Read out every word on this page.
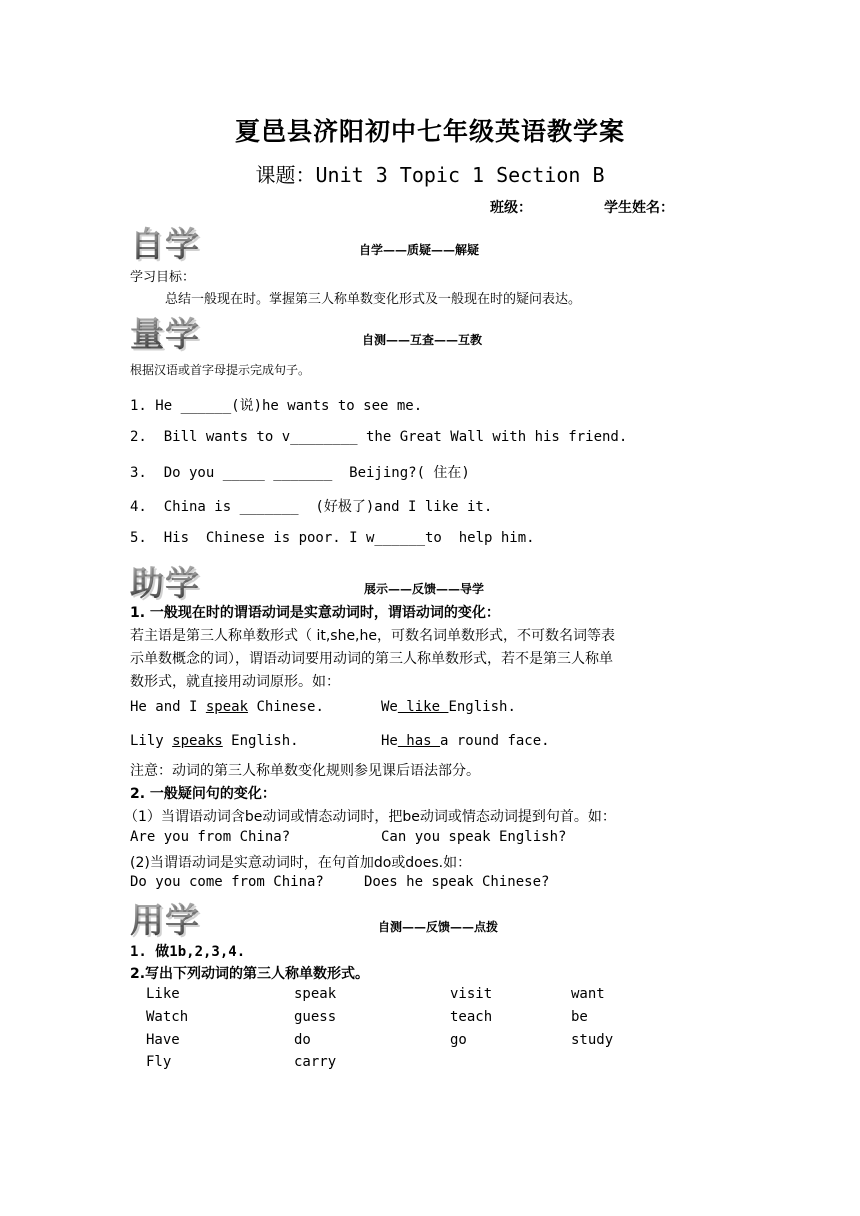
夏邑县济阳初中七年级英语教学案
课题：Unit 3 Topic 1 Section B
班级：	学生姓名：
自学	自学——质疑——解疑
学习目标：
总结一般现在时。掌握第三人称单数变化形式及一般现在时的疑问表达。
量学	自测——互查——互教
根据汉语或首字母提示完成句子。
1. He ______(说)he wants to see me.
2.  Bill wants to v________ the Great Wall with his friend.
3.  Do you _____ _______  Beijing?( 住在)
4.  China is _______  (好极了)and I like it.
5.  His  Chinese is poor. I w______to  help him.
助学	展示——反馈——导学
1. 一般现在时的谓语动词是实意动词时，谓语动词的变化：
若主语是第三人称单数形式（ it,she,he，可数名词单数形式，不可数名词等表
示单数概念的词），谓语动词要用动词的第三人称单数形式，若不是第三人称单
数形式，就直接用动词原形。如：
He and I speak Chinese.	We like English.
Lily speaks English.	He has a round face.
注意：动词的第三人称单数变化规则参见课后语法部分。
2. 一般疑问句的变化：
（1）当谓语动词含be动词或情态动词时，把be动词或情态动词提到句首。如：
Are you from China?	Can you speak English?
(2)当谓语动词是实意动词时，在句首加do或does.如：
Do you come from China?	Does he speak Chinese?
用学	自测——反馈——点拨
1. 做1b,2,3,4.
2.写出下列动词的第三人称单数形式。
Like	speak	visit	want
Watch	guess	teach	be
Have	do	go	study
Fly	carry
